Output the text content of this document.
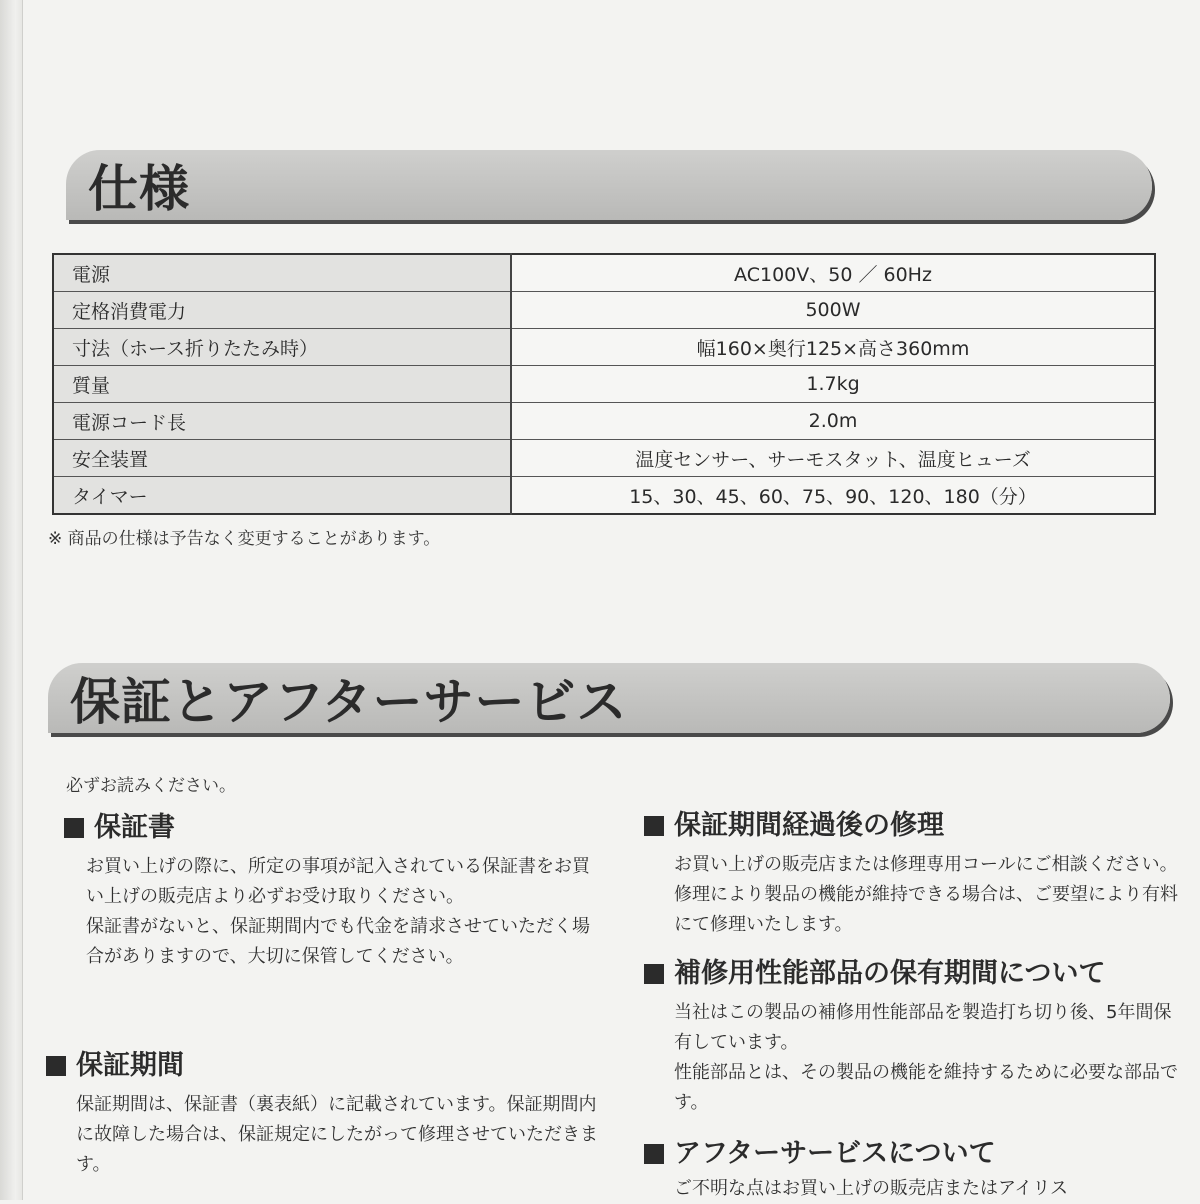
仕様
電源	AC100V、50 ／ 60Hz
定格消費電力	500W
寸法（ホース折りたたみ時）	幅160×奥行125×高さ360mm
質量	1.7kg
電源コード長	2.0m
安全装置	温度センサー、サーモスタット、温度ヒューズ
タイマー	15、30、45、60、75、90、120、180（分）
※ 商品の仕様は予告なく変更することがあります。
保証とアフターサービス
必ずお読みください。
保証書

お買い上げの際に、所定の事項が記入されている保証書をお買い上げの販売店より必ずお受け取りください。

保証書がないと、保証期間内でも代金を請求させていただく場合がありますので、大切に保管してください。

保証期間

保証期間は、保証書（裏表紙）に記載されています。保証期間内に故障した場合は、保証規定にしたがって修理させていただきます。

保証期間経過後の修理

お買い上げの販売店または修理専用コールにご相談ください。修理により製品の機能が維持できる場合は、ご要望により有料にて修理いたします。

補修用性能部品の保有期間について

当社はこの製品の補修用性能部品を製造打ち切り後、5年間保有しています。

性能部品とは、その製品の機能を維持するために必要な部品です。

アフターサービスについて

ご不明な点はお買い上げの販売店またはアイリス
